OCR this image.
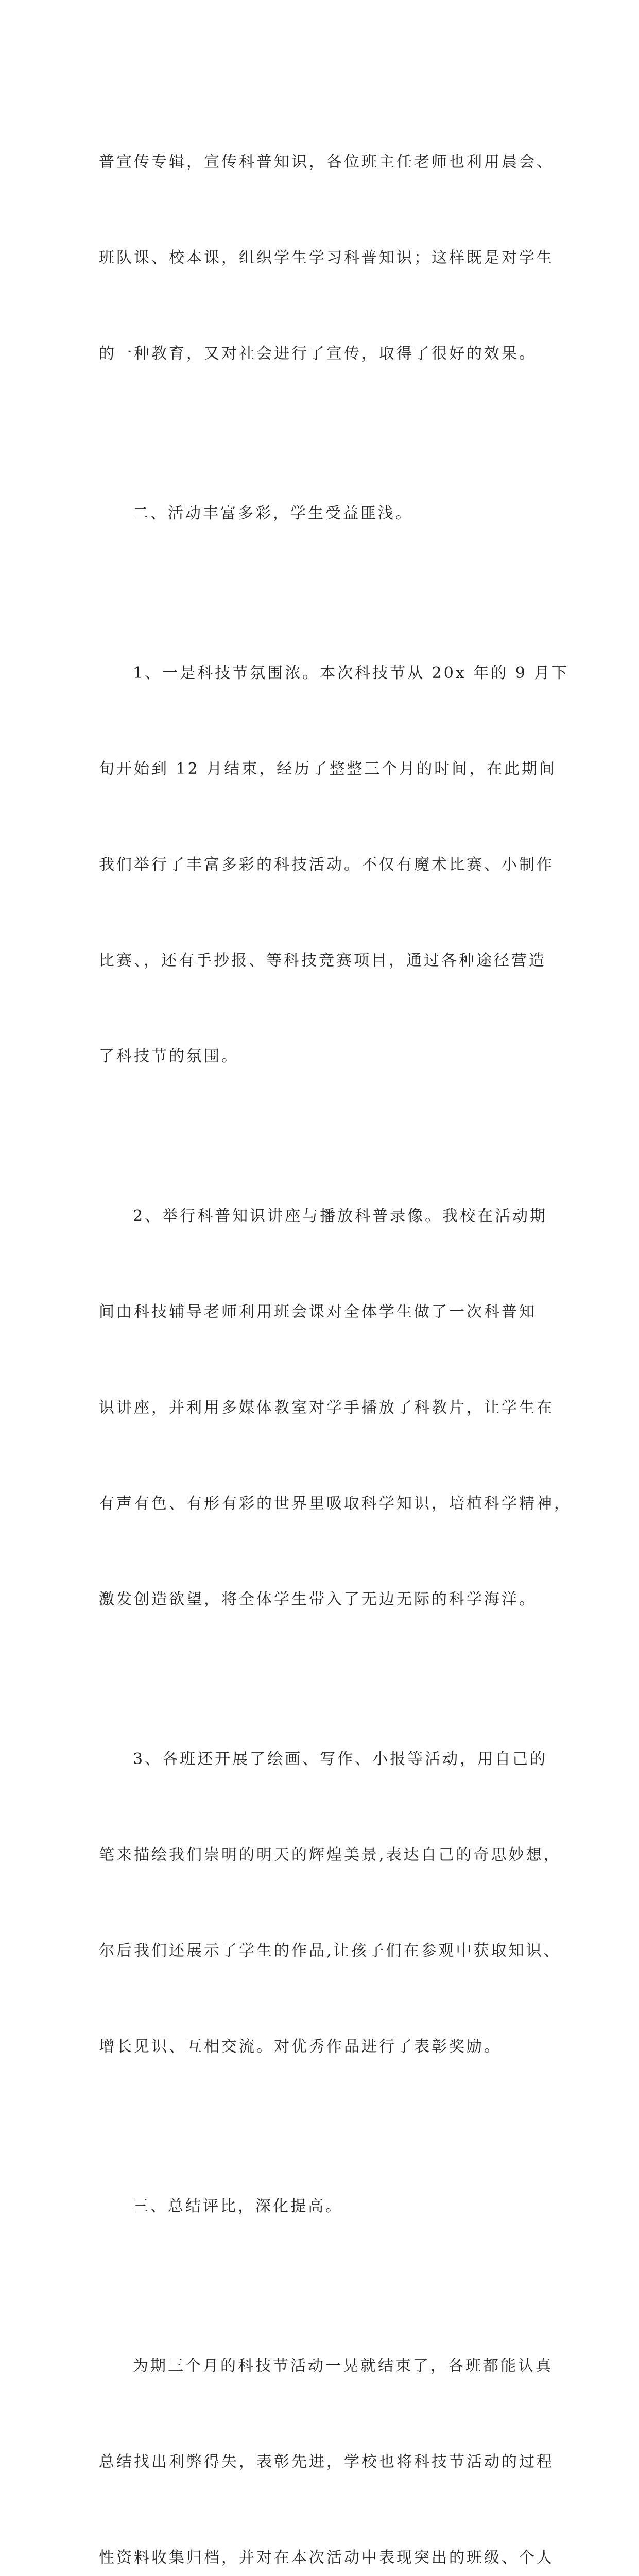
普宣传专辑，宣传科普知识，各位班主任老师也利用晨会、

班队课、校本课，组织学生学习科普知识；这样既是对学生

的一种教育，又对社会进行了宣传，取得了很好的效果。

二、活动丰富多彩，学生受益匪浅。

1、一是科技节氛围浓。本次科技节从 20x 年的 9 月下

旬开始到 12 月结束，经历了整整三个月的时间，在此期间

我们举行了丰富多彩的科技活动。不仅有魔术比赛、小制作

比赛、，还有手抄报、等科技竞赛项目，通过各种途径营造

了科技节的氛围。

2、举行科普知识讲座与播放科普录像。我校在活动期

间由科技辅导老师利用班会课对全体学生做了一次科普知

识讲座，并利用多媒体教室对学手播放了科教片，让学生在

有声有色、有形有彩的世界里吸取科学知识，培植科学精神，

激发创造欲望，将全体学生带入了无边无际的科学海洋。

3、各班还开展了绘画、写作、小报等活动，用自己的

笔来描绘我们崇明的明天的辉煌美景,表达自己的奇思妙想，

尔后我们还展示了学生的作品,让孩子们在参观中获取知识、

增长见识、互相交流。对优秀作品进行了表彰奖励。

三、总结评比，深化提高。

为期三个月的科技节活动一晃就结束了，各班都能认真

总结找出利弊得失，表彰先进，学校也将科技节活动的过程

性资料收集归档，并对在本次活动中表现突出的班级、个人
